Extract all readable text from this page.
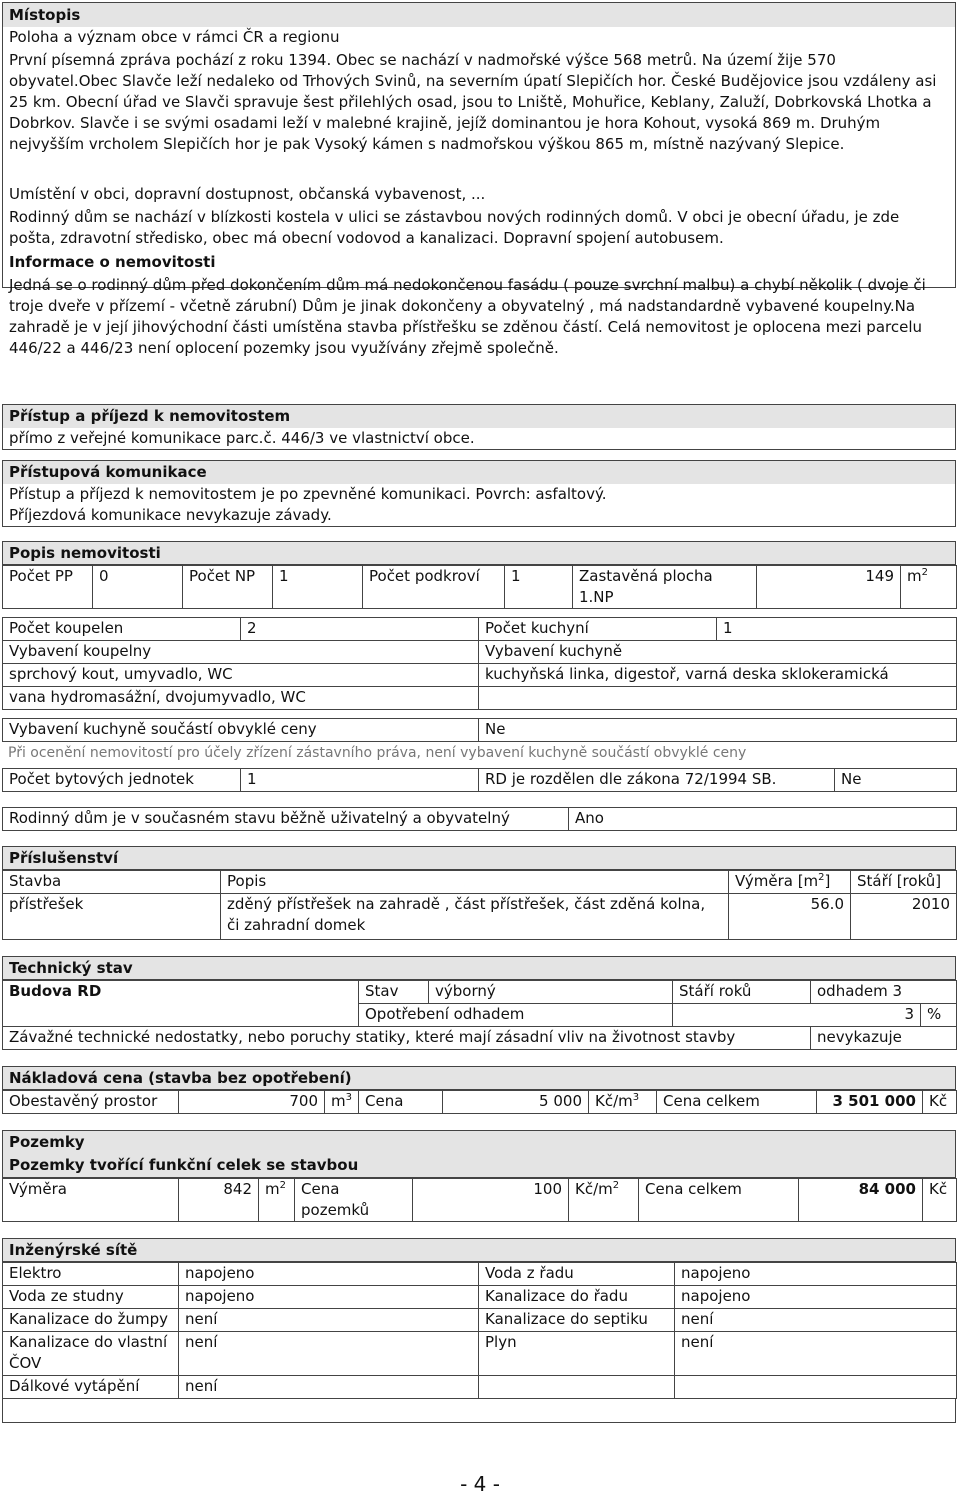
Místopis
Poloha a význam obce v rámci ČR a regionu
První písemná zpráva pochází z roku 1394. Obec se nachází v nadmořské výšce 568 metrů. Na území žije 570 obyvatel.Obec Slavče leží nedaleko od Trhových Svinů, na severním úpatí Slepičích hor. České Budějovice jsou vzdáleny asi 25 km. Obecní úřad ve Slavči spravuje šest přilehlých osad, jsou to Lniště, Mohuřice, Keblany, Zaluží, Dobrkovská Lhotka a Dobrkov. Slavče i se svými osadami leží v malebné krajině, jejíž dominantou je hora Kohout, vysoká 869 m. Druhým nejvyšším vrcholem Slepičích hor je pak Vysoký kámen s nadmořskou výškou 865 m, místně nazývaný Slepice.
Umístění v obci, dopravní dostupnost, občanská vybavenost, ...
Rodinný dům se nachází v blízkosti kostela v ulici se zástavbou nových rodinných domů. V obci je obecní úřadu, je zde pošta, zdravotní středisko, obec má obecní vodovod a kanalizaci. Dopravní spojení autobusem.
Informace o nemovitosti
Jedná se o rodinný dům před dokončením dům má nedokončenou fasádu ( pouze svrchní malbu) a chybí několik ( dvoje či troje dveře v přízemí - včetně zárubní) Dům je jinak dokončeny a obyvatelný , má nadstandardně vybavené koupelny.Na zahradě je v její jihovýchodní části umístěna stavba přístřešku se zděnou částí. Celá nemovitost je oplocena mezi parcelu 446/22 a 446/23 není oplocení pozemky jsou využívány zřejmě společně.
Přístup a příjezd k nemovitostem
přímo z veřejné komunikace parc.č. 446/3 ve vlastnictví obce.
Přístupová komunikace
Přístup a příjezd k nemovitostem je po zpevněné komunikaci. Povrch: asfaltový.
Příjezdová komunikace nevykazuje závady.
Popis nemovitosti
Počet PP	0	Počet NP	1	Počet podkroví	1	Zastavěná plocha 1.NP	149	$m^2$
Počet koupelen	2	Počet kuchyní	1
Vybavení koupelny		Vybavení kuchyně	
sprchový kout, umyvadlo, WC		kuchyňská linka, digestoř, varná deska sklokeramická	
vana hydromasážní, dvojumyvadlo, WC			
Vybavení kuchyně součástí obvyklé ceny	Ne
Při ocenění nemovitostí pro účely zřízení zástavního práva, není vybavení kuchyně součástí obvyklé ceny
Počet bytových jednotek	1	RD je rozdělen dle zákona 72/1994 SB.	Ne
Rodinný dům je v současném stavu běžně uživatelný a obyvatelný	Ano
Příslušenství
Stavba	Popis	Výměra $[m^2]$	Stáří [roků]
přístřešek	zděný přístřešek na zahradě , část přístřešek, část zděná kolna, či zahradní domek	56.0	2010
Technický stav
Budova RD	Stav	výborný	Stáří roků	odhadem 3	
	Opotřebení odhadem		3		%
Závažné technické nedostatky, nebo poruchy statiky, které mají zásadní vliv na životnost stavby				nevykazuje	
Nákladová cena (stavba bez opotřebení)
Obestavěný prostor	700	$m^3$	Cena	5 000	$Kč/m^3$	Cena celkem	3 501 000	Kč
Pozemky
Pozemky tvořící funkční celek se stavbou
Výměra	842	$m^2$	Cena pozemků	100	$Kč/m^2$	Cena celkem	84 000	Kč
Inženýrské sítě
Elektro	napojeno	Voda z řadu	napojeno
Voda ze studny	napojeno	Kanalizace do řadu	napojeno
Kanalizace do žumpy	není	Kanalizace do septiku	není
Kanalizace do vlastní ČOV	není	Plyn	není
Dálkové vytápění	není		
- 4 -
